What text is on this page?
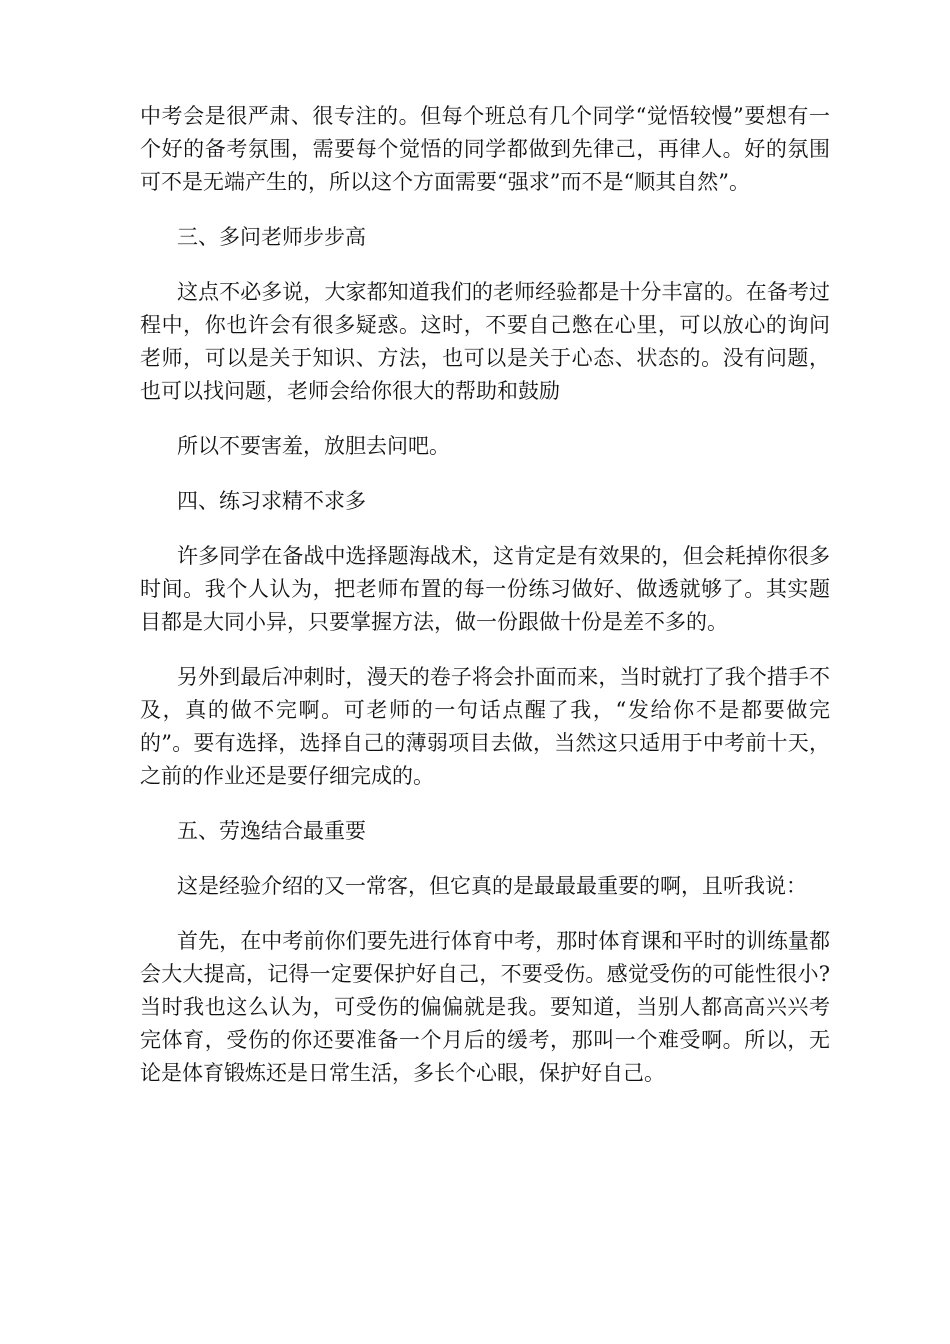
中考会是很严肃、很专注的。但每个班总有几个同学“觉悟较慢”要想有一个好的备考氛围，需要每个觉悟的同学都做到先律己，再律人。好的氛围可不是无端产生的，所以这个方面需要“强求”而不是“顺其自然”。

三、多问老师步步高

这点不必多说，大家都知道我们的老师经验都是十分丰富的。在备考过程中，你也许会有很多疑惑。这时，不要自己憋在心里，可以放心的询问老师，可以是关于知识、方法，也可以是关于心态、状态的。没有问题，也可以找问题，老师会给你很大的帮助和鼓励

所以不要害羞，放胆去问吧。

四、练习求精不求多

许多同学在备战中选择题海战术，这肯定是有效果的，但会耗掉你很多时间。我个人认为，把老师布置的每一份练习做好、做透就够了。其实题目都是大同小异，只要掌握方法，做一份跟做十份是差不多的。

另外到最后冲刺时，漫天的卷子将会扑面而来，当时就打了我个措手不及，真的做不完啊。可老师的一句话点醒了我，“发给你不是都要做完的”。要有选择，选择自己的薄弱项目去做，当然这只适用于中考前十天，之前的作业还是要仔细完成的。

五、劳逸结合最重要

这是经验介绍的又一常客，但它真的是最最最重要的啊，且听我说：

首先，在中考前你们要先进行体育中考，那时体育课和平时的训练量都会大大提高，记得一定要保护好自己，不要受伤。感觉受伤的可能性很小?当时我也这么认为，可受伤的偏偏就是我。要知道，当别人都高高兴兴考完体育，受伤的你还要准备一个月后的缓考，那叫一个难受啊。所以，无论是体育锻炼还是日常生活，多长个心眼，保护好自己。
